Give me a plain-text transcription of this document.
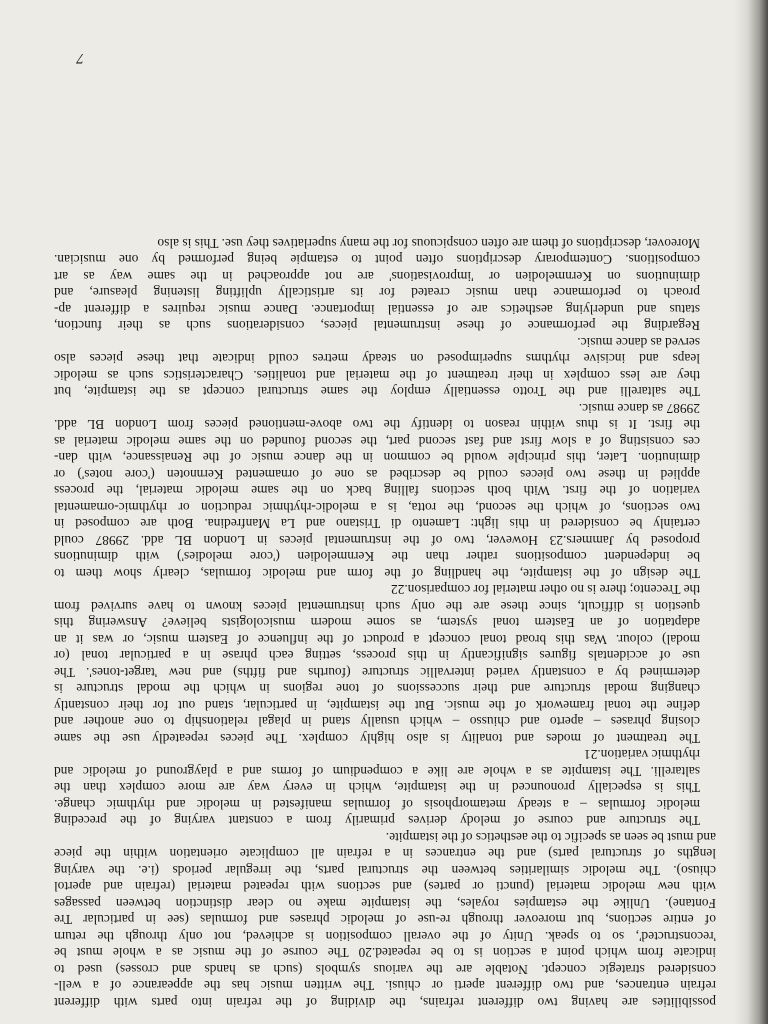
possibilities are having two different refrains, the dividing of the refrain into parts with different
refrain entrances, and two different aperti or chiusi. The written music has the appearance of a well-
considered strategic concept. Notable are the various symbols (such as hands and crosses) used to
indicate from which point a section is to be repeated.20 The course of the music as a whole must be
'reconstructed', so to speak. Unity of the overall composition is achieved, not only through the return
of entire sections, but moreover through re-use of melodic phrases and formulas (see in particular Tre
Fontane). Unlike the estampies royales, the istampite make no clear distinction between passages
with new melodic material (puncti or partes) and sections with repeated material (refrain and apertol
chiuso). The melodic similarities between the structural parts, the irregular periods (i.e. the varying
lengths of structural parts) and the entrances in a refrain all complicate orientation within the piece
and must be seen as specific to the aesthetics of the istampite.
The structure and course of melody derives primarily from a constant varying of the preceding
melodic formulas – a steady metamorphosis of formulas manifested in melodic and rhythmic change.
This is especially pronounced in the istampite, which in every way are more complex than the
saltarelli. The istampite as a whole are like a compendium of forms and a playground of melodic and
rhythmic variation.21
The treatment of modes and tonality is also highly complex. The pieces repeatedly use the same
closing phrases – aperto and chiusso – which usually stand in plagal relationship to one another and
define the tonal framework of the music. But the istampite, in particular, stand out for their constantly
changing modal structure and their successions of tone regions in which the modal structure is
determined by a constantly varied intervallic structure (fourths and fifths) and new 'target-tones'. The
use of accidentals figures significantly in this process, setting each phrase in a particular tonal (or
modal) colour. Was this broad tonal concept a product of the influence of Eastern music, or was it an
adaptation of an Eastern tonal system, as some modern musicologists believe? Answering this
question is difficult, since these are the only such instrumental pieces known to have survived from
the Trecento; there is no other material for comparison.22
The design of the istampite, the handling of the form and melodic formulas, clearly show them to
be independent compositions rather than the Kernmelodien ('core melodies') with diminutions
proposed by Jammers.23 However, two of the instrumental pieces in London BL add. 29987 could
certainly be considered in this light: Lamento di Tristano and La Manfredina. Both are composed in
two sections, of which the second, the rotta, is a melodic-rhythmic reduction or rhythmic-ornamental
variation of the first. With both sections falling back on the same melodic material, the process
applied in these two pieces could be described as one of ornamented Kernnoten ('core notes') or
diminution. Later, this principle would be common in the dance music of the Renaissance, with dan-
ces consisting of a slow first and fast second part, the second founded on the same melodic material as
the first. It is thus within reason to identify the two above-mentioned pieces from London BL add.
29987 as dance music.
The saltarelli and the Trotto essentially employ the same structural concept as the istampite, but
they are less complex in their treatment of the material and tonalities. Characteristics such as melodic
leaps and incisive rhythms superimposed on steady metres could indicate that these pieces also
served as dance music.
Regarding the performance of these instrumental pieces, considerations such as their function,
status and underlying aesthetics are of essential importance. Dance music requires a different ap-
proach to performance than music created for its artistically uplifting listening pleasure, and
diminutions on Kernmelodien or 'improvisations' are not approached in the same way as art
compositions. Contemporary descriptions often point to estampie being performed by one musician.
Moreover, descriptions of them are often conspicuous for the many superlatives they use. This is also
7
